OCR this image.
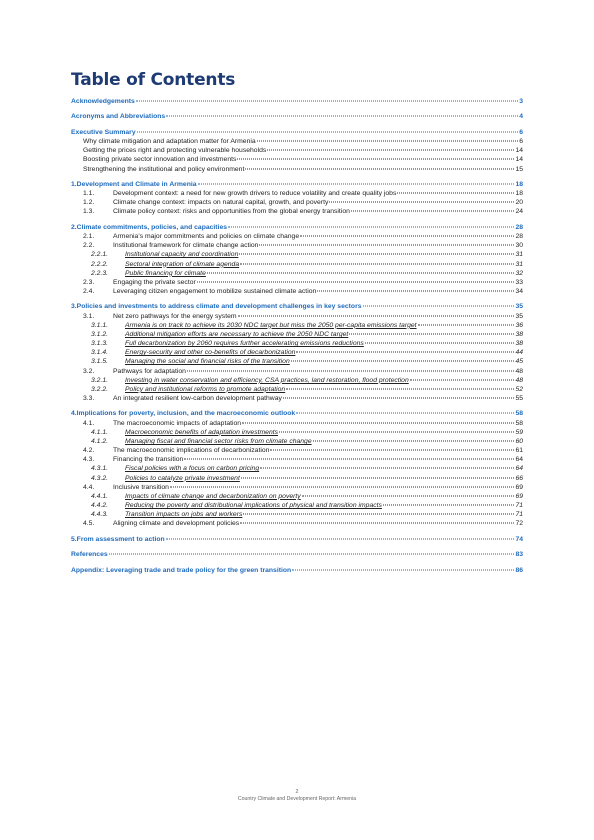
Table of Contents
Acknowledgements	3
Acronyms and Abbreviations	4
Executive Summary	6
Why climate mitigation and adaptation matter for Armenia	6
Getting the prices right and protecting vulnerable households	14
Boosting private sector innovation and investments	14
Strengthening the institutional and policy environment	15
1. Development and Climate in Armenia	18
1.1.	Development context: a need for new growth drivers to reduce volatility and create quality jobs	18
1.2.	Climate change context: impacts on natural capital, growth, and poverty	20
1.3.	Climate policy context: risks and opportunities from the global energy transition	24
2. Climate commitments, policies, and capacities	28
2.1.	Armenia’s major commitments and policies on climate change	28
2.2.	Institutional framework for climate change action	30
2.2.1.	Institutional capacity and coordination	31
2.2.2.	Sectoral integration of climate agenda	31
2.2.3.	Public financing for climate	32
2.3.	Engaging the private sector	33
2.4.	Leveraging citizen engagement to mobilize sustained climate action	34
3. Policies and investments to address climate and development challenges in key sectors	35
3.1.	Net zero pathways for the energy system	35
3.1.1.	Armenia is on track to achieve its 2030 NDC target but miss the 2050 per-capita emissions target	36
3.1.2.	Additional mitigation efforts are necessary to achieve the 2050 NDC target	38
3.1.3.	Full decarbonization by 2060 requires further accelerating emissions reductions	38
3.1.4.	Energy-security and other co-benefits of decarbonization	44
3.1.5.	Managing the social and financial risks of the transition	45
3.2.	Pathways for adaptation	48
3.2.1.	Investing in water conservation and efficiency, CSA practices, land restoration, flood protection	48
3.2.2.	Policy and institutional reforms to promote adaptation	52
3.3.	An integrated resilient low-carbon development pathway	55
4. Implications for poverty, inclusion, and the macroeconomic outlook	58
4.1.	The macroeconomic impacts of adaptation	58
4.1.1.	Macroeconomic benefits of adaptation investments	59
4.1.2.	Managing fiscal and financial sector risks from climate change	60
4.2.	The macroeconomic implications of decarbonization	61
4.3.	Financing the transition	64
4.3.1.	Fiscal policies with a focus on carbon pricing	64
4.3.2.	Policies to catalyze private investment	66
4.4.	Inclusive transition	69
4.4.1.	Impacts of climate change and decarbonization on poverty	69
4.4.2.	Reducing the poverty and distributional implications of physical and transition impacts	71
4.4.3.	Transition impacts on jobs and workers	71
4.5.	Aligning climate and development policies	72
5. From assessment to action	74
References	83
Appendix: Leveraging trade and trade policy for the green transition	86
2
Country Climate and Development Report: Armenia
